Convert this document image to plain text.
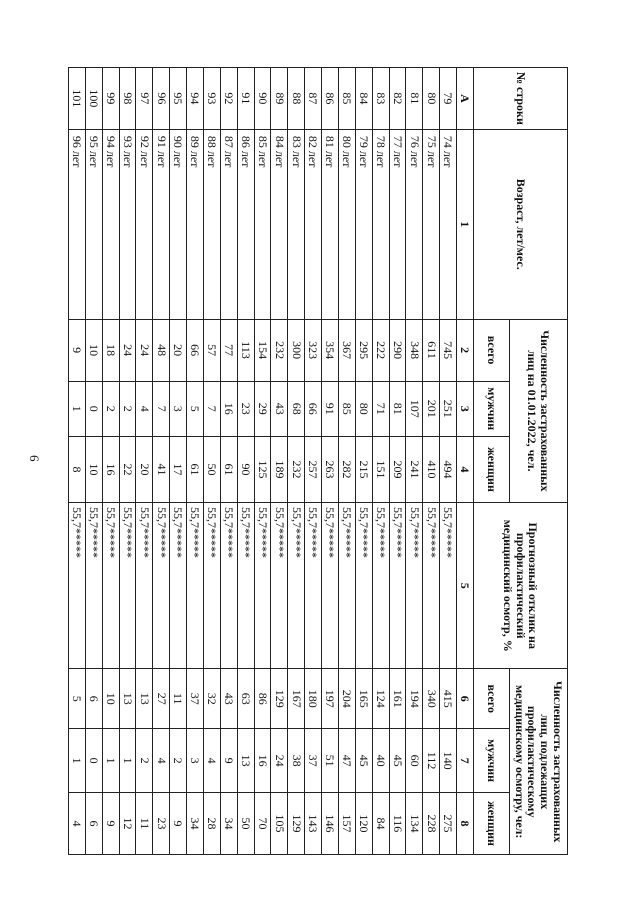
6
№ строки	Возраст, лет/мес.	Численность застрахованных лиц на 01.01.2022, чел.			Прогнозный отклик на профилактический медицинский осмотр, %	Численность застрахованных лиц, подлежащих профилактическому медицинскому осмотру, чел:		
		всего	мужчин	женщин		всего	мужчин	женщин
А	1	2	3	4	5	6	7	8
79	74 лет	745	251	494	55,7*****	415	140	275
80	75 лет	611	201	410	55,7*****	340	112	228
81	76 лет	348	107	241	55,7*****	194	60	134
82	77 лет	290	81	209	55,7*****	161	45	116
83	78 лет	222	71	151	55,7*****	124	40	84
84	79 лет	295	80	215	55,7*****	165	45	120
85	80 лет	367	85	282	55,7*****	204	47	157
86	81 лет	354	91	263	55,7*****	197	51	146
87	82 лет	323	66	257	55,7*****	180	37	143
88	83 лет	300	68	232	55,7*****	167	38	129
89	84 лет	232	43	189	55,7*****	129	24	105
90	85 лет	154	29	125	55,7*****	86	16	70
91	86 лет	113	23	90	55,7*****	63	13	50
92	87 лет	77	16	61	55,7*****	43	9	34
93	88 лет	57	7	50	55,7*****	32	4	28
94	89 лет	66	5	61	55,7*****	37	3	34
95	90 лет	20	3	17	55,7*****	11	2	9
96	91 лет	48	7	41	55,7*****	27	4	23
97	92 лет	24	4	20	55,7*****	13	2	11
98	93 лет	24	2	22	55,7*****	13	1	12
99	94 лет	18	2	16	55,7*****	10	1	9
100	95 лет	10	0	10	55,7*****	6	0	6
101	96 лет	9	1	8	55,7*****	5	1	4
